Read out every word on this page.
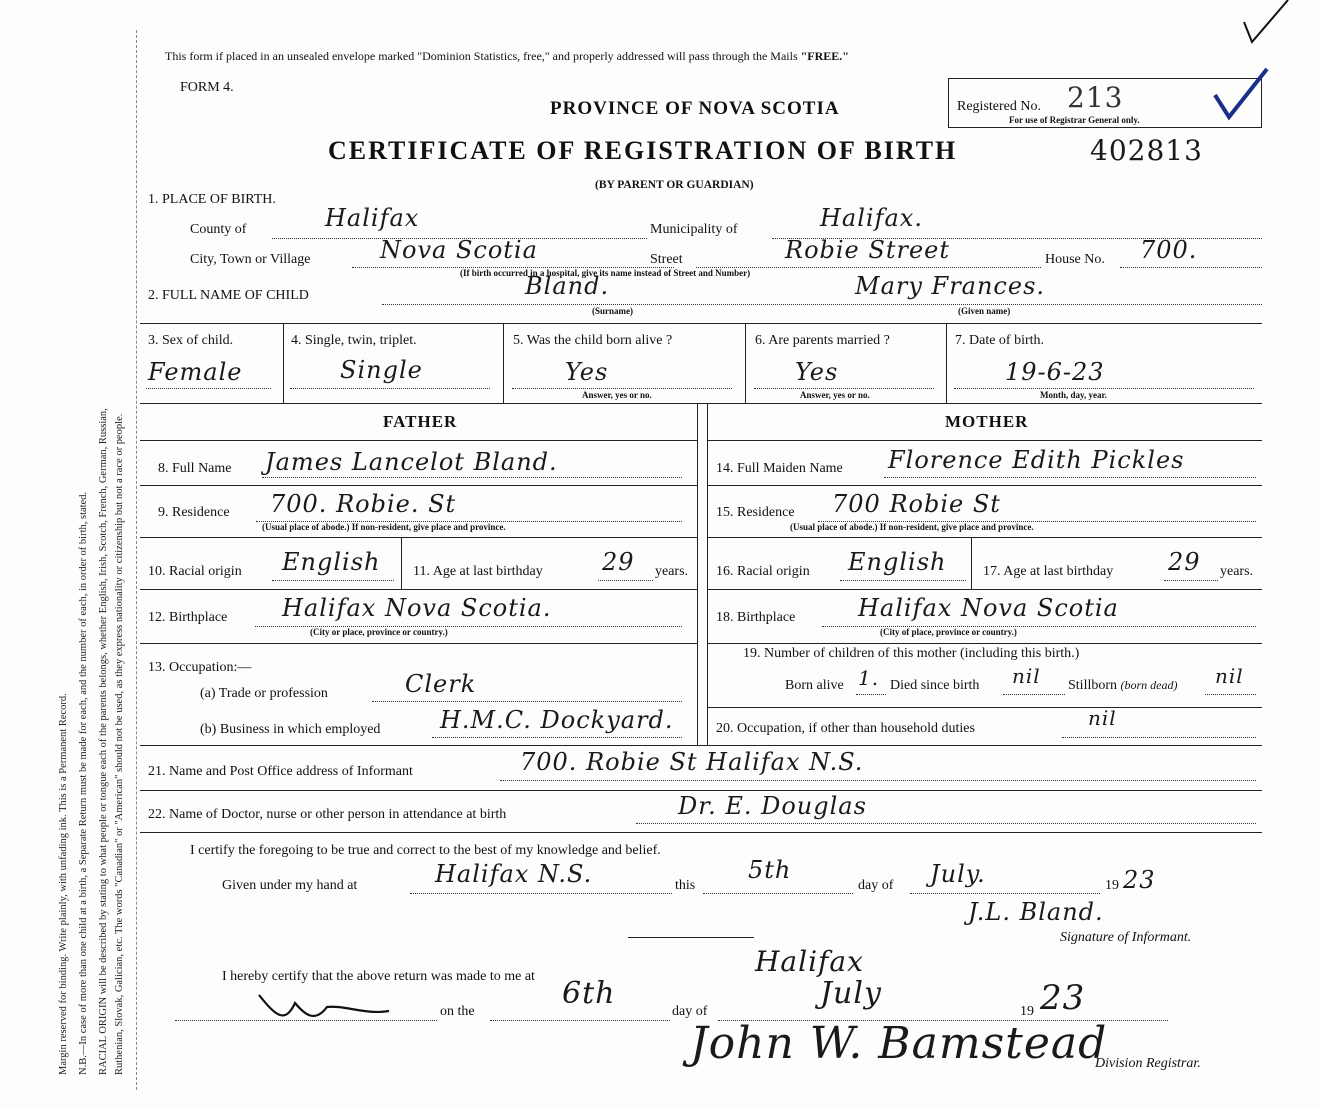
Margin reserved for binding. Write plainly, with unfading ink. This is a Permanent Record. N.B.—In case of more than one child at a birth, a Separate Return must be made for each, and the number of each, in order of birth, stated. RACIAL ORIGIN will be described by stating to what people or tongue each of the parents belongs, whether English, Irish, Scotch, French, German, Russian, Ruthenian, Slovak, Galician, etc. The words "Canadian" or "American" should not be used, as they express nationality or citizenship but not a race or people.
This form if placed in an unsealed envelope marked "Dominion Statistics, free," and properly addressed will pass through the Mails "FREE."
FORM 4.
PROVINCE OF NOVA SCOTIA	Registered No. 213
For use of Registrar General only.
CERTIFICATE OF REGISTRATION OF BIRTH	402813
(BY PARENT OR GUARDIAN)
1. PLACE OF BIRTH.
County of	Halifax	Municipality of	Halifax.
City, Town or Village	Nova Scotia	Street	Robie Street	House No. 700.
(If birth occurred in a hospital, give its name instead of Street and Number)
2. FULL NAME OF CHILD	Bland.
(Surname)
Mary Frances.
(Given name)
3. Sex of child.
Female
4. Single, twin, triplet.
Single
5. Was the child born alive ?
Yes
Answer, yes or no.
6. Are parents married ?
Yes
Answer, yes or no.
7. Date of birth.
19-6-23
Month, day, year.
FATHER	MOTHER
8. Full Name James Lancelot Bland.
9. Residence 700. Robie. St
(Usual place of abode.) If non-resident, give place and province.
10. Racial origin English 11. Age at last birthday 29 years.
12. Birthplace Halifax Nova Scotia.
(City or place, province or country.)
13. Occupation:—
(a) Trade or profession	Clerk
(b) Business in which employed H.M.C. Dockyard.
14. Full Maiden Name Florence Edith Pickles
15. Residence 700 Robie St
(Usual place of abode.) If non-resident, give place and province.
16. Racial origin English	17. Age at last birthday 29 years.
18. Birthplace	Halifax Nova Scotia
(City of place, province or country.)
19. Number of children of this mother (including this birth.)
Born alive 1. Died since birth nil Stillborn (born dead) nil
20. Occupation, if other than household duties	nil
21. Name and Post Office address of Informant	700. Robie St Halifax N.S.
22. Name of Doctor, nurse or other person in attendance at birth	Dr. E. Douglas
I certify the foregoing to be true and correct to the best of my knowledge and belief.
Given under my hand at	Halifax N.S.	this
5th
day of July.	19 23
J.L. Bland.
Signature of Informant.
I hereby certify that the above return was made to me at	Halifax
on the
6th
day of
July
19 23
John W. Bamstead
Division Registrar.
